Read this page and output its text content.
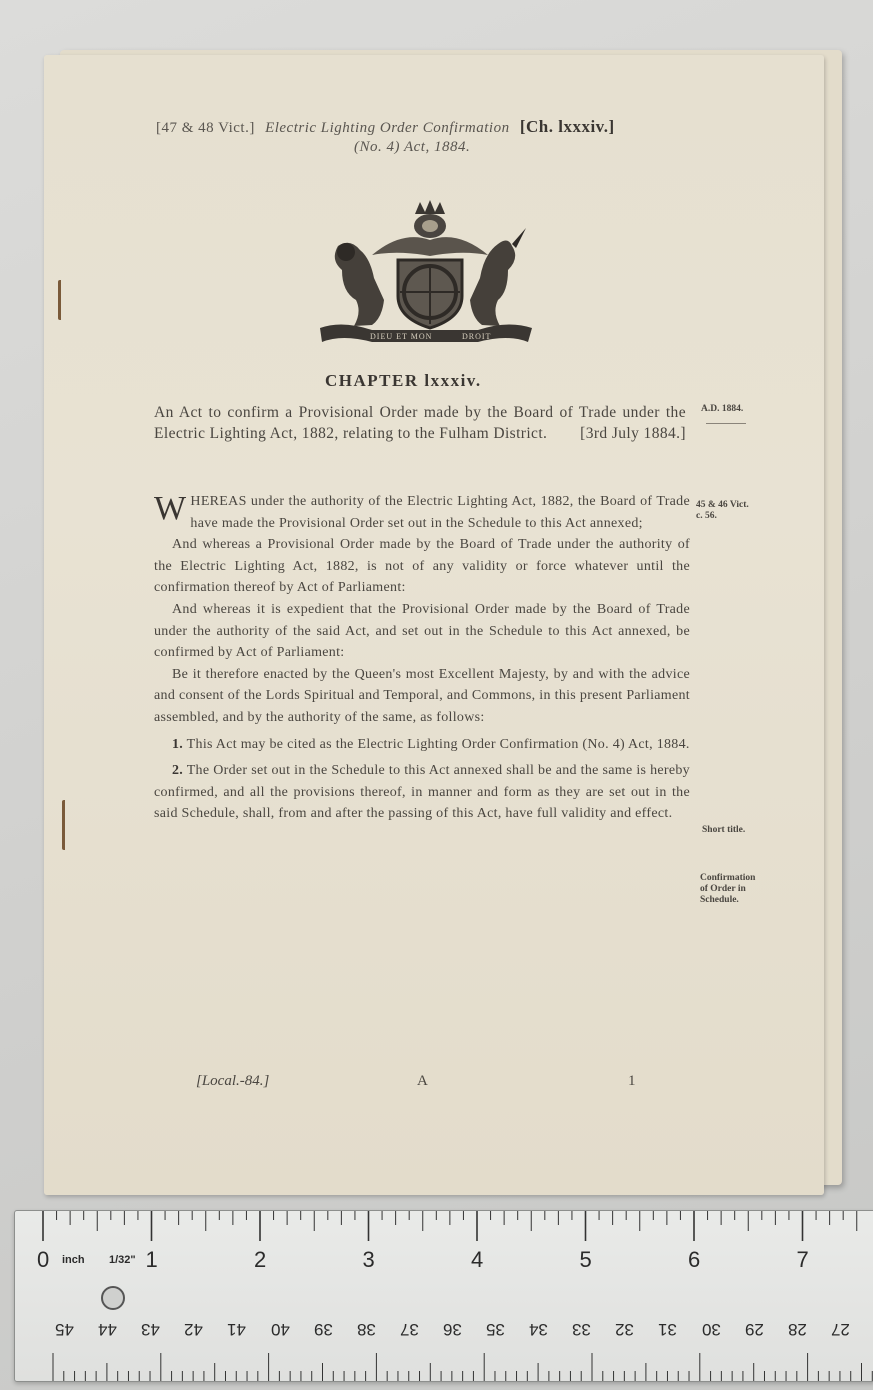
[47 & 48 Vict.] Electric Lighting Order Confirmation [Ch. lxxxiv.]
(No. 4) Act, 1884.
DIEU ET MON	DROIT
CHAPTER lxxxiv.
An Act to confirm a Provisional Order made by the Board of Trade under the Electric Lighting Act, 1882, relating to the Fulham District. [3rd July 1884.]
A.D. 1884.
45 & 46 Vict.
c. 56.
Short title.
Confirmation
of Order in
Schedule.

W HEREAS under the authority of the Electric Lighting Act, 1882, the Board of Trade have made the Provisional Order set out in the Schedule to this Act annexed;

And whereas a Provisional Order made by the Board of Trade under the authority of the Electric Lighting Act, 1882, is not of any validity or force whatever until the confirmation thereof by Act of Parliament:

And whereas it is expedient that the Provisional Order made by the Board of Trade under the authority of the said Act, and set out in the Schedule to this Act annexed, be confirmed by Act of Parliament:

Be it therefore enacted by the Queen's most Excellent Majesty, by and with the advice and consent of the Lords Spiritual and Temporal, and Commons, in this present Parliament assembled, and by the authority of the same, as follows:

1. This Act may be cited as the Electric Lighting Order Confirmation (No. 4) Act, 1884.

2. The Order set out in the Schedule to this Act annexed shall be and the same is hereby confirmed, and all the provisions thereof, in manner and form as they are set out in the said Schedule, shall, from and after the passing of this Act, have full validity and effect.

[Local.-84.]	A	1
inch 1/32"
0	1	2	3	4	5	6	7
45 44 43 42 41 40 39 38 37 36 35 34 33 32 31 30 29 28 27
